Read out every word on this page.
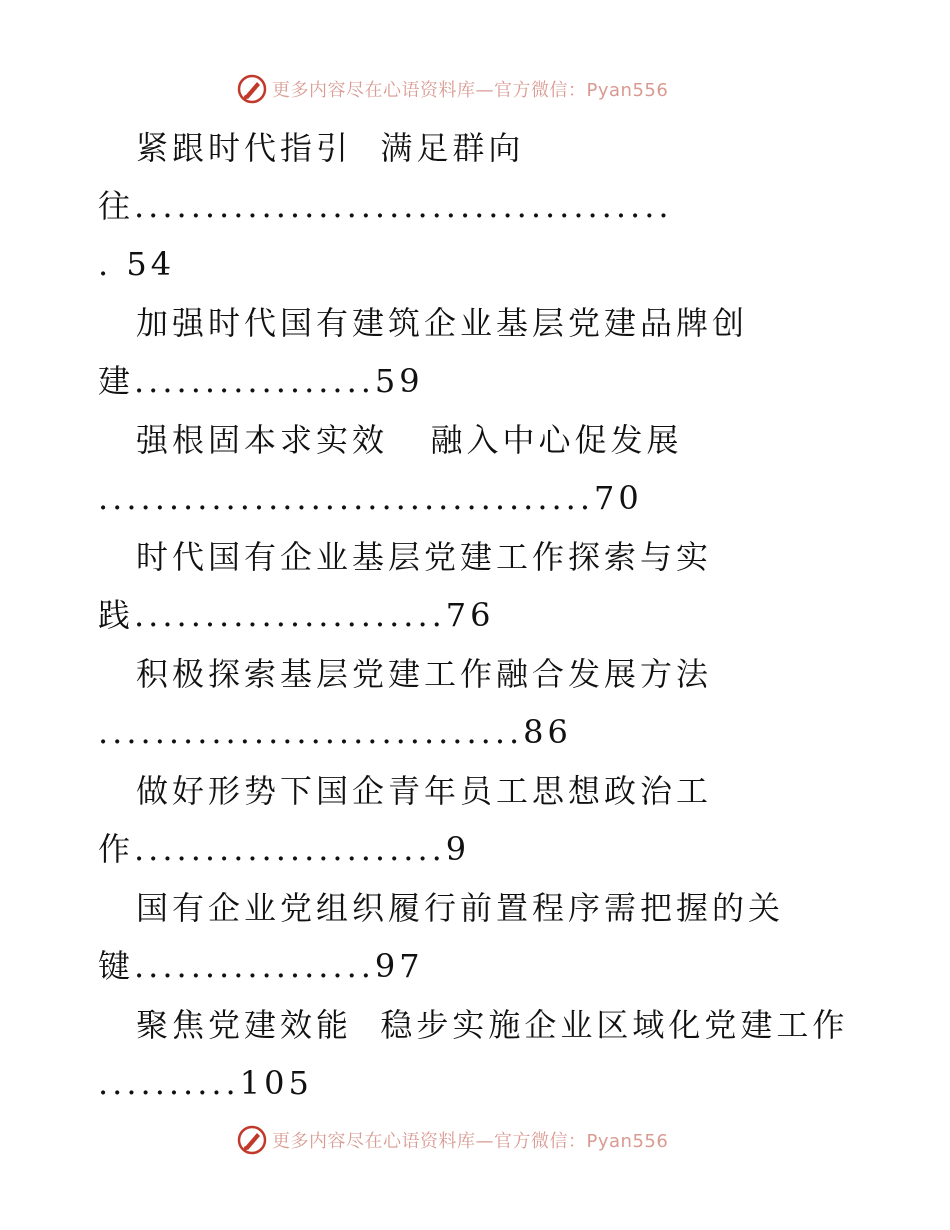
更多内容尽在心语资料库—官方微信：Pyan556
紧跟时代指引  满足群向
往......................................
. 54
加强时代国有建筑企业基层党建品牌创
建.................59
强根固本求实效   融入中心促发展
...................................70
时代国有企业基层党建工作探索与实
践......................76
积极探索基层党建工作融合发展方法
..............................86
做好形势下国企青年员工思想政治工
作......................9
国有企业党组织履行前置程序需把握的关
键.................97
聚焦党建效能  稳步实施企业区域化党建工作
..........105
更多内容尽在心语资料库—官方微信：Pyan556
